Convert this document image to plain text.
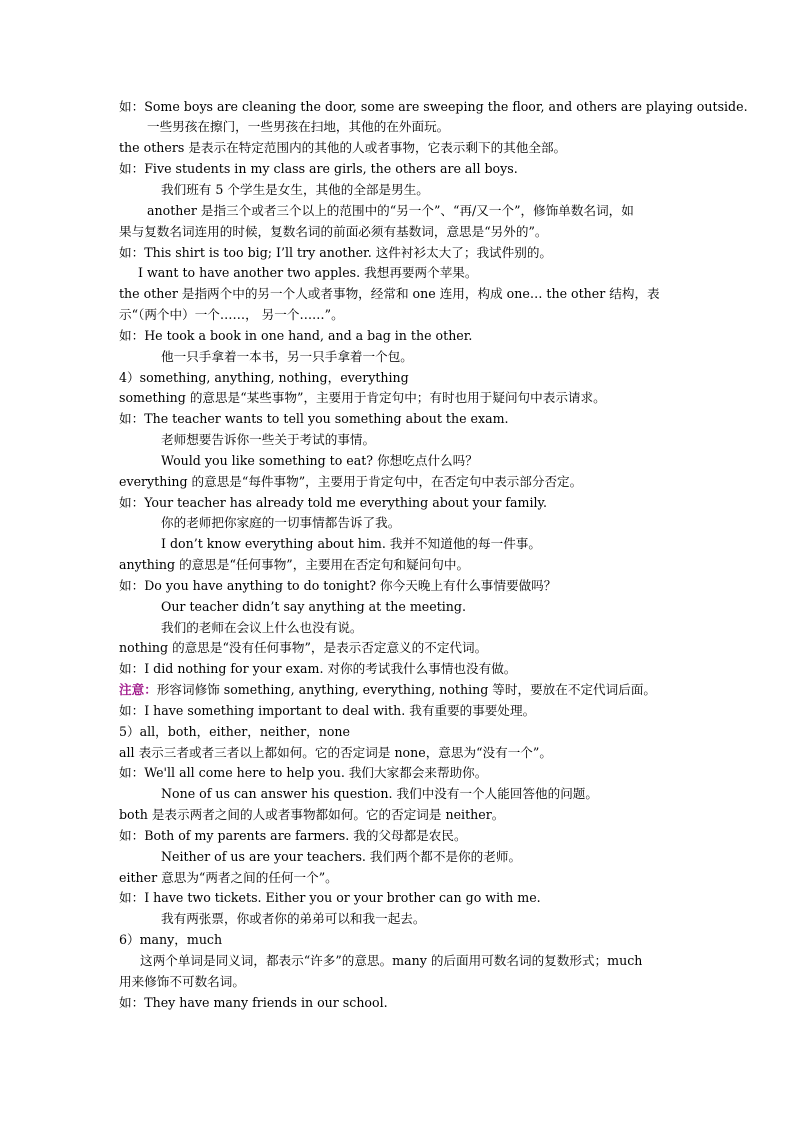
如：Some boys are cleaning the door, some are sweeping the floor, and others are playing outside.
一些男孩在擦门，一些男孩在扫地，其他的在外面玩。
the others 是表示在特定范围内的其他的人或者事物，它表示剩下的其他全部。
如：Five students in my class are girls, the others are all boys.
我们班有 5 个学生是女生，其他的全部是男生。
another 是指三个或者三个以上的范围中的“另一个”、“再/又一个”，修饰单数名词，如
果与复数名词连用的时候，复数名词的前面必须有基数词，意思是“另外的”。
如：This shirt is too big; I’ll try another. 这件衬衫太大了；我试件别的。
I want to have another two apples. 我想再要两个苹果。
the other 是指两个中的另一个人或者事物，经常和 one 连用，构成 one… the other 结构，表
示“（两个中）一个……， 另一个……”。
如：He took a book in one hand, and a bag in the other.
他一只手拿着一本书，另一只手拿着一个包。
4）something, anything, nothing，everything
something 的意思是“某些事物”，主要用于肯定句中；有时也用于疑问句中表示请求。
如：The teacher wants to tell you something about the exam.
老师想要告诉你一些关于考试的事情。
Would you like something to eat? 你想吃点什么吗？
everything 的意思是“每件事物”，主要用于肯定句中，在否定句中表示部分否定。
如：Your teacher has already told me everything about your family.
你的老师把你家庭的一切事情都告诉了我。
I don’t know everything about him. 我并不知道他的每一件事。
anything 的意思是“任何事物”，主要用在否定句和疑问句中。
如：Do you have anything to do tonight? 你今天晚上有什么事情要做吗？
Our teacher didn’t say anything at the meeting.
我们的老师在会议上什么也没有说。
nothing 的意思是“没有任何事物”，是表示否定意义的不定代词。
如：I did nothing for your exam. 对你的考试我什么事情也没有做。
注意：形容词修饰 something, anything, everything, nothing 等时，要放在不定代词后面。
如：I have something important to deal with. 我有重要的事要处理。
5）all，both，either，neither，none
all 表示三者或者三者以上都如何。它的否定词是 none，意思为“没有一个”。
如：We'll all come here to help you. 我们大家都会来帮助你。
None of us can answer his question. 我们中没有一个人能回答他的问题。
both 是表示两者之间的人或者事物都如何。它的否定词是 neither。
如：Both of my parents are farmers. 我的父母都是农民。
Neither of us are your teachers. 我们两个都不是你的老师。
either 意思为“两者之间的任何一个”。
如：I have two tickets. Either you or your brother can go with me.
我有两张票，你或者你的弟弟可以和我一起去。
6）many，much
这两个单词是同义词，都表示“许多”的意思。many 的后面用可数名词的复数形式；much
用来修饰不可数名词。
如：They have many friends in our school.
